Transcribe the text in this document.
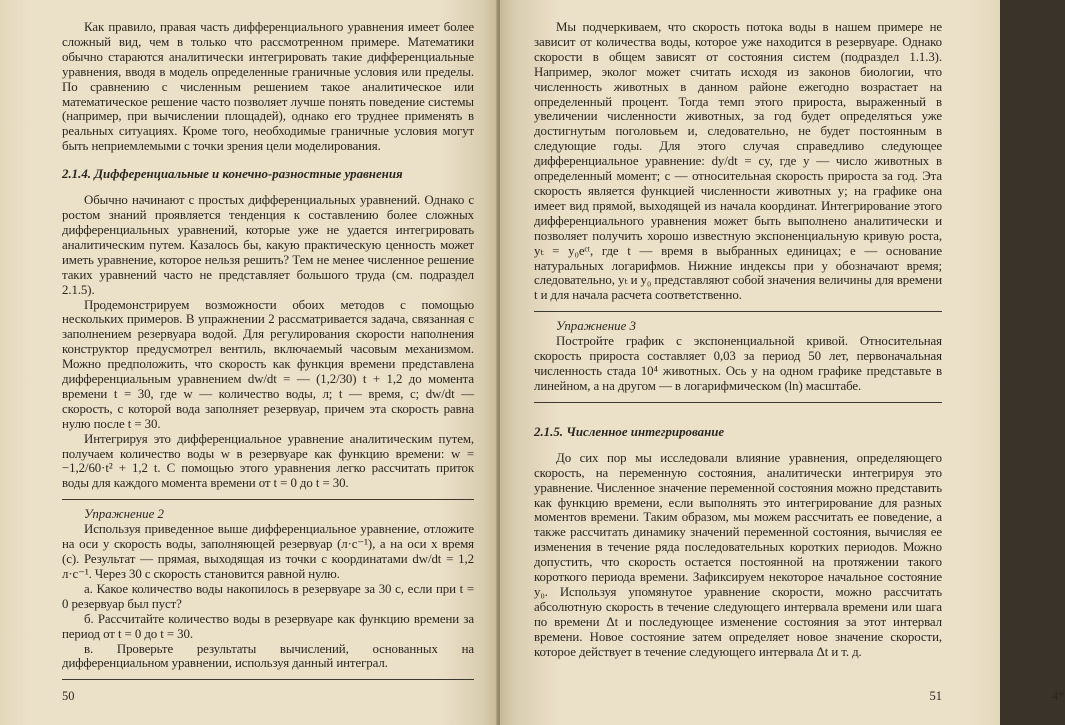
Как правило, правая часть дифференциального уравнения имеет более сложный вид, чем в только что рассмотренном примере. Математики обычно стараются аналитически интегрировать такие дифференциальные уравнения, вводя в модель определенные граничные условия или пределы. По сравнению с численным решением такое аналитическое или математическое решение часто позволяет лучше понять поведение системы (например, при вычислении площадей), однако его труднее применять в реальных ситуациях. Кроме того, необходимые граничные условия могут быть неприемлемыми с точки зрения цели моделирования.

2.1.4. Дифференциальные и конечно-разностные уравнения

Обычно начинают с простых дифференциальных уравнений. Однако с ростом знаний проявляется тенденция к составлению более сложных дифференциальных уравнений, которые уже не удается интегрировать аналитическим путем. Казалось бы, какую практическую ценность может иметь уравнение, которое нельзя решить? Тем не менее численное решение таких уравнений часто не представляет большого труда (см. подраздел 2.1.5).

Продемонстрируем возможности обоих методов с помощью нескольких примеров. В упражнении 2 рассматривается задача, связанная с заполнением резервуара водой. Для регулирования скорости наполнения конструктор предусмотрел вентиль, включаемый часовым механизмом. Можно предположить, что скорость как функция времени представлена дифференциальным уравнением dw/dt = — (1,2/30) t + 1,2 до момента времени t = 30, где w — количество воды, л; t — время, с; dw/dt — скорость, с которой вода заполняет резервуар, причем эта скорость равна нулю после t = 30.

Интегрируя это дифференциальное уравнение аналитическим путем, получаем количество воды w в резервуаре как функцию времени: w = −1,2/60·t² + 1,2 t. С помощью этого уравнения легко рассчитать приток воды для каждого момента времени от t = 0 до t = 30.

Упражнение 2

Используя приведенное выше дифференциальное уравнение, отложите на оси y скорость воды, заполняющей резервуар (л·с⁻¹), а на оси x время (с). Результат — прямая, выходящая из точки с координатами dw/dt = 1,2 л·с⁻¹. Через 30 с скорость становится равной нулю.

а. Какое количество воды накопилось в резервуаре за 30 с, если при t = 0 резервуар был пуст?

б. Рассчитайте количество воды в резервуаре как функцию времени за период от t = 0 до t = 30.

в. Проверьте результаты вычислений, основанных на дифференциальном уравнении, используя данный интеграл.

50

Мы подчеркиваем, что скорость потока воды в нашем примере не зависит от количества воды, которое уже находится в резервуаре. Однако скорости в общем зависят от состояния систем (подраздел 1.1.3). Например, эколог может считать исходя из законов биологии, что численность животных в данном районе ежегодно возрастает на определенный процент. Тогда темп этого прироста, выраженный в увеличении численности животных, за год будет определяться уже достигнутым поголовьем и, следовательно, не будет постоянным в следующие годы. Для этого случая справедливо следующее дифференциальное уравнение: dy/dt = cy, где y — число животных в определенный момент; c — относительная скорость прироста за год. Эта скорость является функцией численности животных y; на графике она имеет вид прямой, выходящей из начала координат. Интегрирование этого дифференциального уравнения может быть выполнено аналитически и позволяет получить хорошо известную экспоненциальную кривую роста, yₜ = y₀eᶜᵗ, где t — время в выбранных единицах; e — основание натуральных логарифмов. Нижние индексы при y обозначают время; следовательно, yₜ и y₀ представляют собой значения величины для времени t и для начала расчета соответственно.

Упражнение 3

Постройте график с экспоненциальной кривой. Относительная скорость прироста составляет 0,03 за период 50 лет, первоначальная численность стада 10⁴ животных. Ось y на одном графике представьте в линейном, а на другом — в логарифмическом (ln) масштабе.

2.1.5. Численное интегрирование

До сих пор мы исследовали влияние уравнения, определяющего скорость, на переменную состояния, аналитически интегрируя это уравнение. Численное значение переменной состояния можно представить как функцию времени, если выполнять это интегрирование для разных моментов времени. Таким образом, мы можем рассчитать ее поведение, а также рассчитать динамику значений переменной состояния, вычисляя ее изменения в течение ряда последовательных коротких периодов. Можно допустить, что скорость остается постоянной на протяжении такого короткого периода времени. Зафиксируем некоторое начальное состояние y₀. Используя упомянутое уравнение скорости, можно рассчитать абсолютную скорость в течение следующего интервала времени или шага по времени Δt и последующее изменение состояния за этот интервал времени. Новое состояние затем определяет новое значение скорости, которое действует в течение следующего интервала Δt и т. д.

4*
51
